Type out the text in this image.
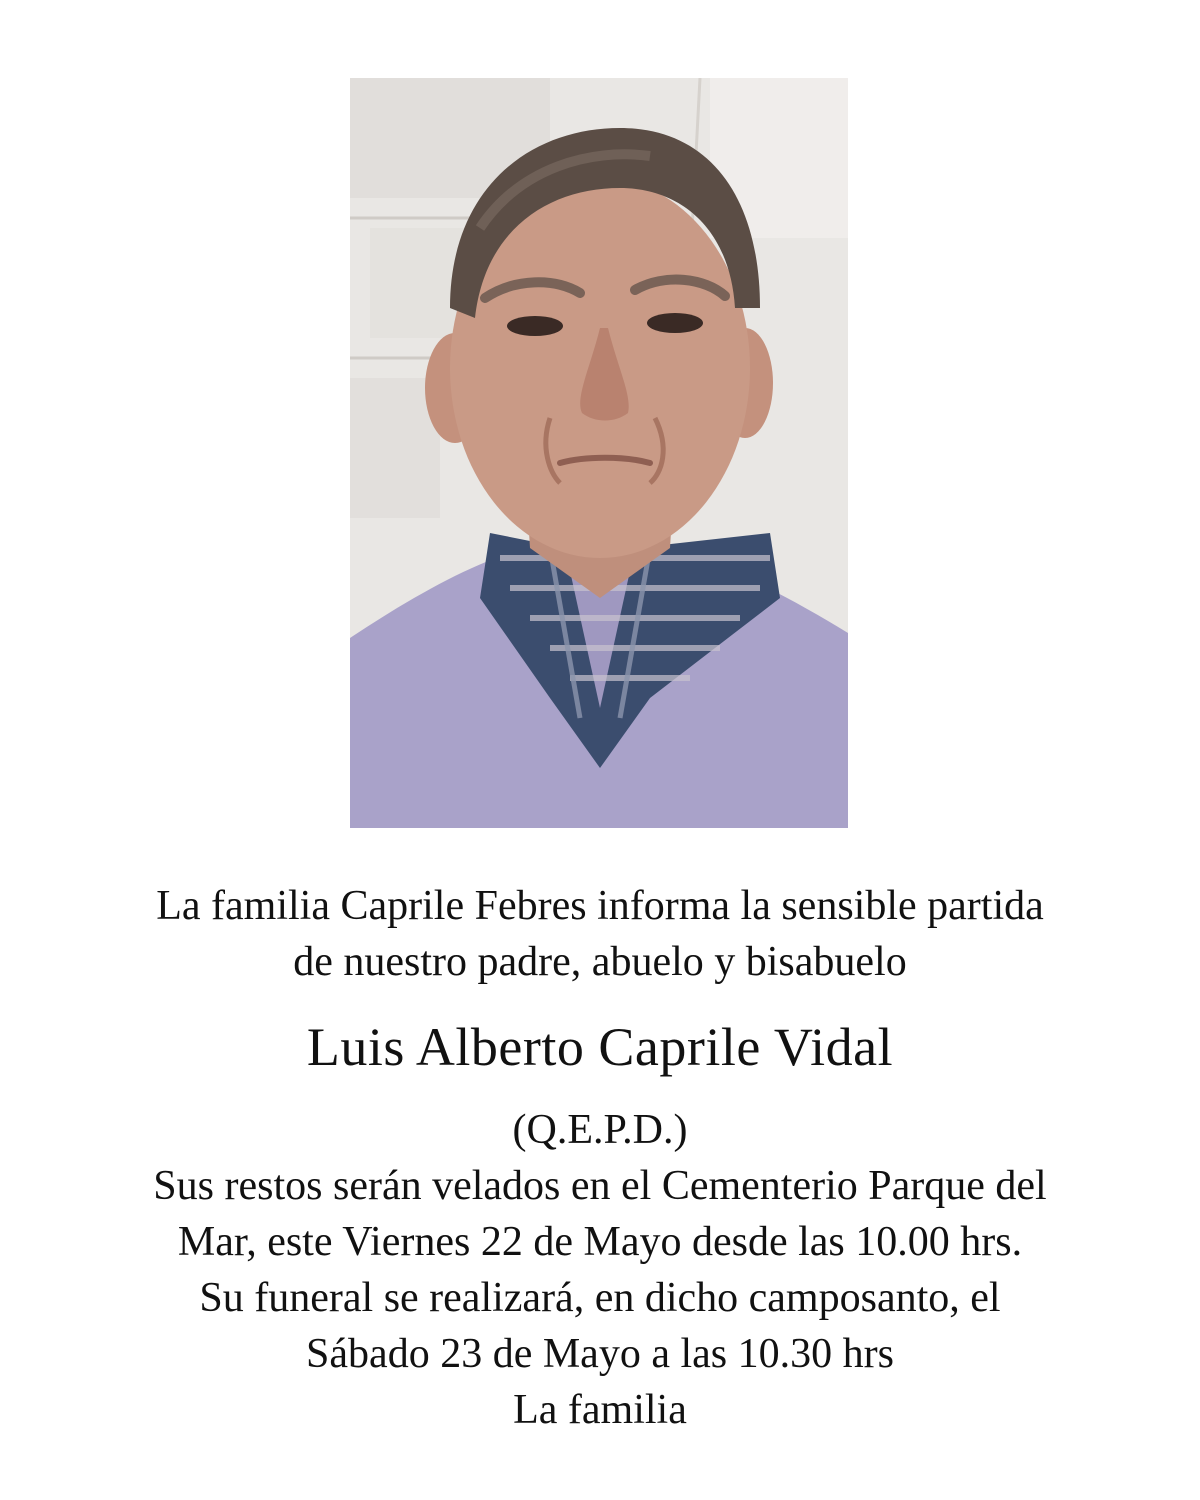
La familia Caprile Febres informa la sensible partida
de nuestro padre, abuelo y bisabuelo
Luis Alberto Caprile Vidal
(Q.E.P.D.)
Sus restos serán velados en el Cementerio Parque del
Mar, este Viernes 22 de Mayo desde las 10.00 hrs.
Su funeral se realizará, en dicho camposanto, el
Sábado 23 de Mayo a las 10.30 hrs
La familia
